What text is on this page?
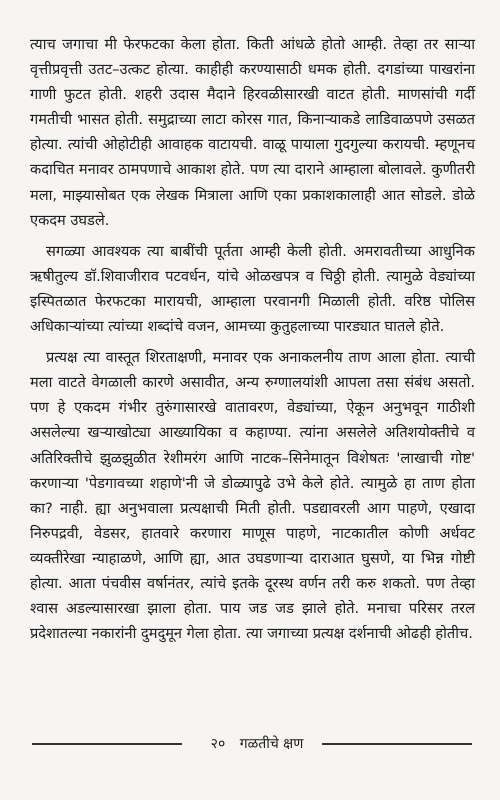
त्याच जगाचा मी फेरफटका केला होता. किती आंधळे होतो आम्ही. तेव्हा तर साऱ्या वृत्तीप्रवृत्ती उतट–उत्कट होत्या. काहीही करण्यासाठी धमक होती. दगडांच्या पाखरांना गाणी फुटत होती. शहरी उदास मैदाने हिरवळीसारखी वाटत होती. माणसांची गर्दी गमतीची भासत होती. समुद्राच्या लाटा कोरस गात, किनाऱ्याकडे लाडिवाळपणे उसळत होत्या. त्यांची ओहोटीही आवाहक वाटायची. वाळू पायाला गुदगुल्या करायची. म्हणूनच कदाचित मनावर ठामपणाचे आकाश होते. पण त्या दाराने आम्हाला बोलावले. कुणीतरी मला, माझ्यासोबत एक लेखक मित्राला आणि एका प्रकाशकालाही आत सोडले. डोळे एकदम उघडले.

सगळ्या आवश्यक त्या बाबींची पूर्तता आम्ही केली होती. अमरावतीच्या आधुनिक ऋषीतुल्य डॉ.शिवाजीराव पटवर्धन, यांचे ओळखपत्र व चिठ्ठी होती. त्यामुळे वेड्यांच्या इस्पितळात फेरफटका मारायची, आम्हाला परवानगी मिळाली होती. वरिष्ठ पोलिस अधिकाऱ्यांच्या त्यांच्या शब्दांचे वजन, आमच्या कुतुहलाच्या पारड्यात घातले होते.

प्रत्यक्ष त्या वास्तूत शिरताक्षणी, मनावर एक अनाकलनीय ताण आला होता. त्याची मला वाटते वेगळाली कारणे असावीत, अन्य रुग्णालयांशी आपला तसा संबंध असतो. पण हे एकदम गंभीर तुरुंगासारखे वातावरण, वेड्यांच्या, ऐकून अनुभवून गाठीशी असलेल्या खऱ्याखोट्या आख्यायिका व कहाण्या. त्यांना असलेले अतिशयोक्तीचे व अतिरिक्तीचे झुळझुळीत रेशीमरंग आणि नाटक–सिनेमातून विशेषतः 'लाखाची गोष्ट' करणाऱ्या 'पेडगावच्या शहाणे'नी जे डोळ्यापुढे उभे केले होते. त्यामुळे हा ताण होता का? नाही. ह्या अनुभवाला प्रत्यक्षाची मिती होती. पडद्यावरली आग पाहणे, एखादा निरुपद्रवी, वेडसर, हातवारे करणारा माणूस पाहणे, नाटकातील कोणी अर्धवट व्यक्तीरेखा न्याहाळणे, आणि ह्या, आत उघडणाऱ्या दाराआत घुसणे, या भिन्न गोष्टी होत्या. आता पंचवीस वर्षानंतर, त्यांचे इतके दूरस्थ वर्णन तरी करु शकतो. पण तेव्हा श्वास अडल्यासारखा झाला होता. पाय जड जड झाले होते. मनाचा परिसर तरल प्रदेशातल्या नकारांनी दुमदुमून गेला होता. त्या जगाच्या प्रत्यक्ष दर्शनाची ओढही होतीच.

२० गळतीचे क्षण
